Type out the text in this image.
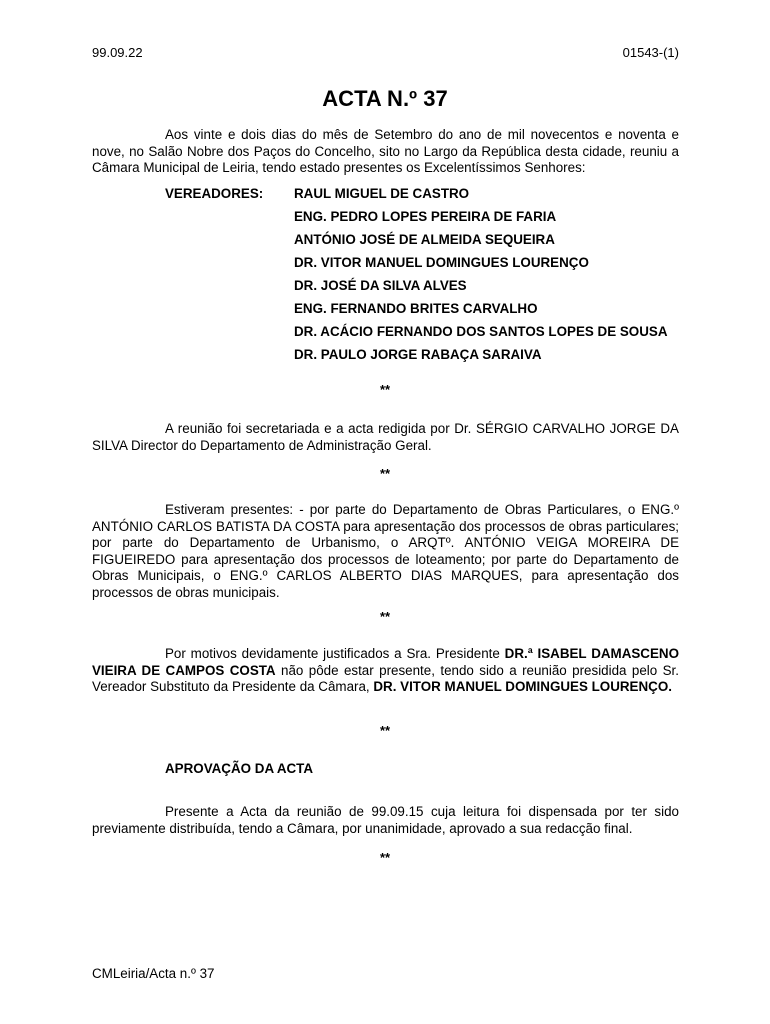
99.09.22	01543-(1)
ACTA N.º 37

Aos vinte e dois dias do mês de Setembro do ano de mil novecentos e noventa e nove, no Salão Nobre dos Paços do Concelho, sito no Largo da República desta cidade, reuniu a Câmara Municipal de Leiria, tendo estado presentes os Excelentíssimos Senhores:

VEREADORES: RAUL MIGUEL DE CASTRO
ENG. PEDRO LOPES PEREIRA DE FARIA
ANTÓNIO JOSÉ DE ALMEIDA SEQUEIRA
DR. VITOR MANUEL DOMINGUES LOURENÇO
DR. JOSÉ DA SILVA ALVES
ENG. FERNANDO BRITES CARVALHO
DR. ACÁCIO FERNANDO DOS SANTOS LOPES DE SOUSA
DR. PAULO JORGE RABAÇA SARAIVA
**

A reunião foi secretariada e a acta redigida por Dr. SÉRGIO CARVALHO JORGE DA SILVA Director do Departamento de Administração Geral.

**

Estiveram presentes: - por parte do Departamento de Obras Particulares, o ENG.º ANTÓNIO CARLOS BATISTA DA COSTA para apresentação dos processos de obras particulares; por parte do Departamento de Urbanismo, o ARQTº. ANTÓNIO VEIGA MOREIRA DE FIGUEIREDO para apresentação dos processos de loteamento; por parte do Departamento de Obras Municipais, o ENG.º CARLOS ALBERTO DIAS MARQUES, para apresentação dos processos de obras municipais.

**

Por motivos devidamente justificados a Sra. Presidente DR.ª ISABEL DAMASCENO VIEIRA DE CAMPOS COSTA não pôde estar presente, tendo sido a reunião presidida pelo Sr. Vereador Substituto da Presidente da Câmara, DR. VITOR MANUEL DOMINGUES LOURENÇO.

**
APROVAÇÃO DA ACTA

Presente a Acta da reunião de 99.09.15 cuja leitura foi dispensada por ter sido previamente distribuída, tendo a Câmara, por unanimidade, aprovado a sua redacção final.

**
CMLeiria/Acta n.º 37
